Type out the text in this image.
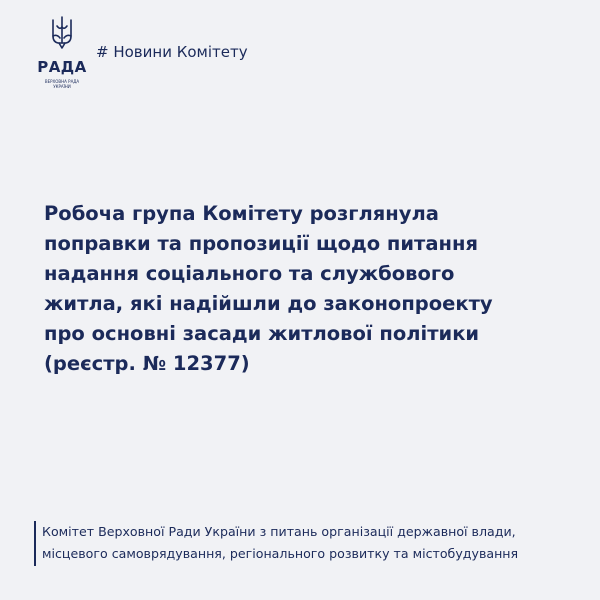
РАДА
ВЕРХОВНА РАДА
УКРАЇНИ
# Новини Комітету
Робоча група Комітету розглянула
поправки та пропозиції щодо питання
надання соціального та службового
житла, які надійшли до законопроекту
про основні засади житлової політики
(реєстр. № 12377)
Комітет Верховної Ради України з питань організації державної влади,
місцевого самоврядування, регіонального розвитку та містобудування
